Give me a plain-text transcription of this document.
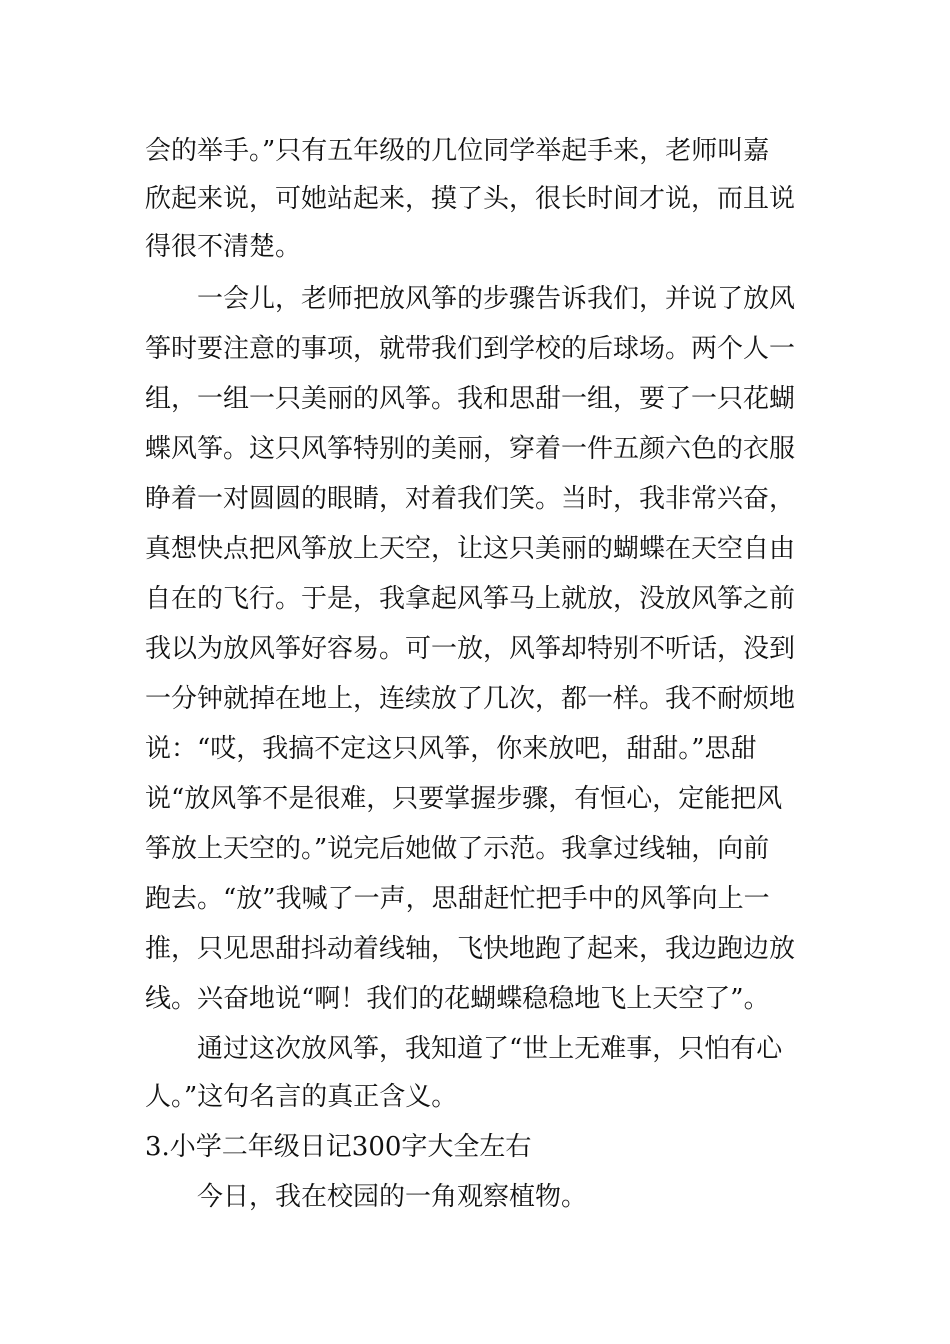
会的举手。”只有五年级的几位同学举起手来，老师叫嘉
欣起来说，可她站起来，摸了头，很长时间才说，而且说
得很不清楚。
一会儿，老师把放风筝的步骤告诉我们，并说了放风
筝时要注意的事项，就带我们到学校的后球场。两个人一
组，一组一只美丽的风筝。我和思甜一组，要了一只花蝴
蝶风筝。这只风筝特别的美丽，穿着一件五颜六色的衣服
睁着一对圆圆的眼睛，对着我们笑。当时，我非常兴奋，
真想快点把风筝放上天空，让这只美丽的蝴蝶在天空自由
自在的飞行。于是，我拿起风筝马上就放，没放风筝之前
我以为放风筝好容易。可一放，风筝却特别不听话，没到
一分钟就掉在地上，连续放了几次，都一样。我不耐烦地
说：“哎，我搞不定这只风筝，你来放吧，甜甜。”思甜
说“放风筝不是很难，只要掌握步骤，有恒心，定能把风
筝放上天空的。”说完后她做了示范。我拿过线轴，向前
跑去。“放”我喊了一声，思甜赶忙把手中的风筝向上一
推，只见思甜抖动着线轴，飞快地跑了起来，我边跑边放
线。兴奋地说“啊！我们的花蝴蝶稳稳地飞上天空了”。
通过这次放风筝，我知道了“世上无难事，只怕有心
人。”这句名言的真正含义。
3.小学二年级日记300字大全左右
今日，我在校园的一角观察植物。
